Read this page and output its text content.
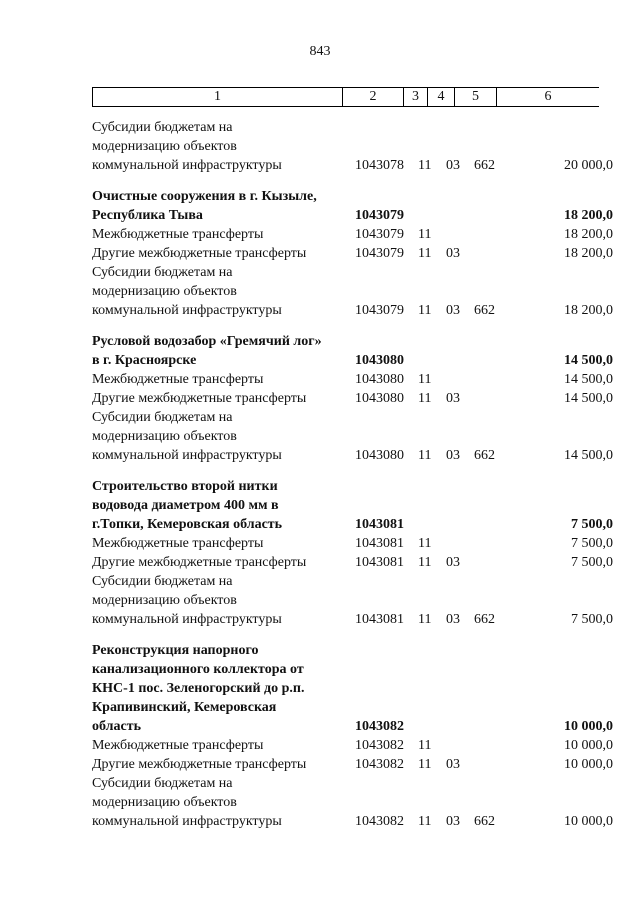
843
1	2	3	4	5	6
Субсидии бюджетам на
модернизацию объектов
коммунальной инфраструктуры	1043078 11 03 662	20 000,0
Очистные сооружения в г. Кызыле,
Республика Тыва	1043079	18 200,0
Межбюджетные трансферты	1043079 11	18 200,0
Другие межбюджетные трансферты	1043079 11 03	18 200,0
Субсидии бюджетам на
модернизацию объектов
коммунальной инфраструктуры	1043079 11 03 662	18 200,0
Русловой водозабор «Гремячий лог»
в г. Красноярске	1043080	14 500,0
Межбюджетные трансферты	1043080 11	14 500,0
Другие межбюджетные трансферты	1043080 11 03	14 500,0
Субсидии бюджетам на
модернизацию объектов
коммунальной инфраструктуры	1043080 11 03 662	14 500,0
Строительство второй нитки
водовода диаметром 400 мм в
г.Топки, Кемеровская область	1043081	7 500,0
Межбюджетные трансферты	1043081 11	7 500,0
Другие межбюджетные трансферты	1043081 11 03	7 500,0
Субсидии бюджетам на
модернизацию объектов
коммунальной инфраструктуры	1043081 11 03 662	7 500,0
Реконструкция напорного
канализационного коллектора от
КНС-1 пос. Зеленогорский до р.п.
Крапивинский, Кемеровская
область	1043082	10 000,0
Межбюджетные трансферты	1043082 11	10 000,0
Другие межбюджетные трансферты	1043082 11 03	10 000,0
Субсидии бюджетам на
модернизацию объектов
коммунальной инфраструктуры	1043082 11 03 662	10 000,0
